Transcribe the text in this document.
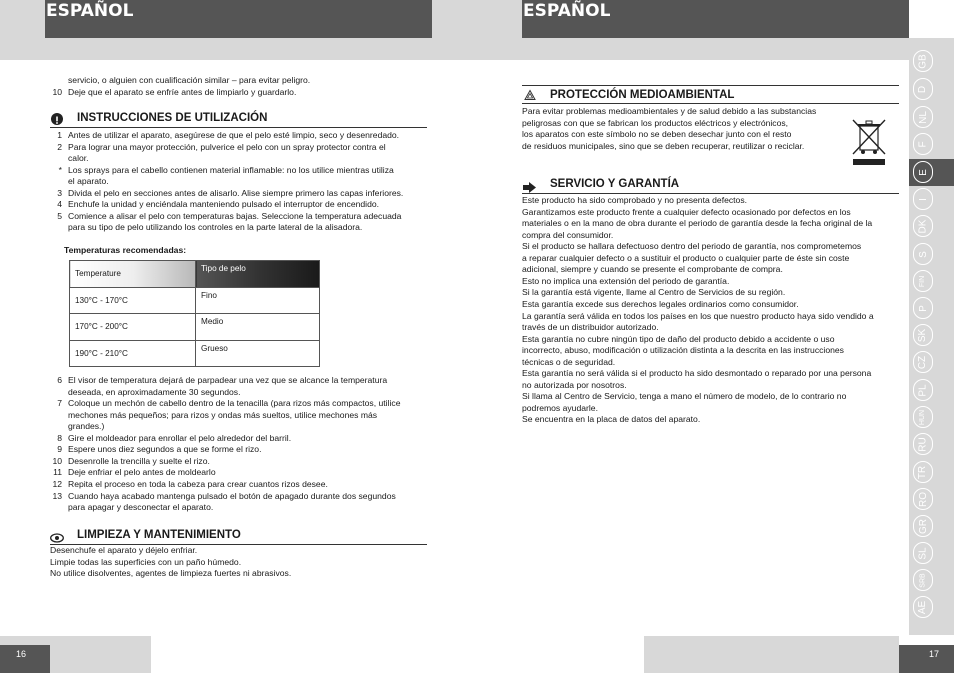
ESPAÑOL	ESPAÑOL
GB
D
NL
F
E
I
DK
S
FIN
P
SK
CZ
PL
HUN
RU
TR
RO
GR
SL
SRB
AE
16	17
servicio, o alguien con cualificación similar – para evitar peligro.
10 Deje que el aparato se enfríe antes de limpiarlo y guardarlo.
INSTRUCCIONES DE UTILIZACIÓN
1 Antes de utilizar el aparato, asegúrese de que el pelo esté limpio, seco y desenredado.
2 Para lograr una mayor protección, pulverice el pelo con un spray protector contra el
calor.
* Los sprays para el cabello contienen material inflamable: no los utilice mientras utiliza
el aparato.
3 Divida el pelo en secciones antes de alisarlo. Alise siempre primero las capas inferiores.
4 Enchufe la unidad y enciéndala manteniendo pulsado el interruptor de encendido.
5 Comience a alisar el pelo con temperaturas bajas. Seleccione la temperatura adecuada
para su tipo de pelo utilizando los controles en la parte lateral de la alisadora.
Temperaturas recomendadas:
Temperature	Tipo de pelo
130°C - 170°C	Fino
170°C - 200°C	Medio
190°C - 210°C	Grueso
6 El visor de temperatura dejará de parpadear una vez que se alcance la temperatura
deseada, en aproximadamente 30 segundos.
7 Coloque un mechón de cabello dentro de la tenacilla (para rizos más compactos, utilice
mechones más pequeños; para rizos y ondas más sueltos, utilice mechones más
grandes.)
8 Gire el moldeador para enrollar el pelo alrededor del barril.
9 Espere unos diez segundos a que se forme el rizo.
10 Desenrolle la trencilla y suelte el rizo.
11 Deje enfriar el pelo antes de moldearlo
12 Repita el proceso en toda la cabeza para crear cuantos rizos desee.
13 Cuando haya acabado mantenga pulsado el botón de apagado durante dos segundos
para apagar y desconectar el aparato.
LIMPIEZA Y MANTENIMIENTO
Desenchufe el aparato y déjelo enfriar.
Limpie todas las superficies con un paño húmedo.
No utilice disolventes, agentes de limpieza fuertes ni abrasivos.
PROTECCIÓN MEDIOAMBIENTAL
Para evitar problemas medioambientales y de salud debido a las substancias
peligrosas con que se fabrican los productos eléctricos y electrónicos,
los aparatos con este símbolo no se deben desechar junto con el resto
de residuos municipales, sino que se deben recuperar, reutilizar o reciclar.
SERVICIO Y GARANTÍA
Este producto ha sido comprobado y no presenta defectos.
Garantizamos este producto frente a cualquier defecto ocasionado por defectos en los
materiales o en la mano de obra durante el periodo de garantía desde la fecha original de la
compra del consumidor.
Si el producto se hallara defectuoso dentro del periodo de garantía, nos comprometemos
a reparar cualquier defecto o a sustituir el producto o cualquier parte de éste sin coste
adicional, siempre y cuando se presente el comprobante de compra.
Esto no implica una extensión del periodo de garantía.
Si la garantía está vigente, llame al Centro de Servicios de su región.
Esta garantía excede sus derechos legales ordinarios como consumidor.
La garantía será válida en todos los países en los que nuestro producto haya sido vendido a
través de un distribuidor autorizado.
Esta garantía no cubre ningún tipo de daño del producto debido a accidente o uso
incorrecto, abuso, modificación o utilización distinta a la descrita en las instrucciones
técnicas o de seguridad.
Esta garantía no será válida si el producto ha sido desmontado o reparado por una persona
no autorizada por nosotros.
Si llama al Centro de Servicio, tenga a mano el número de modelo, de lo contrario no
podremos ayudarle.
Se encuentra en la placa de datos del aparato.
